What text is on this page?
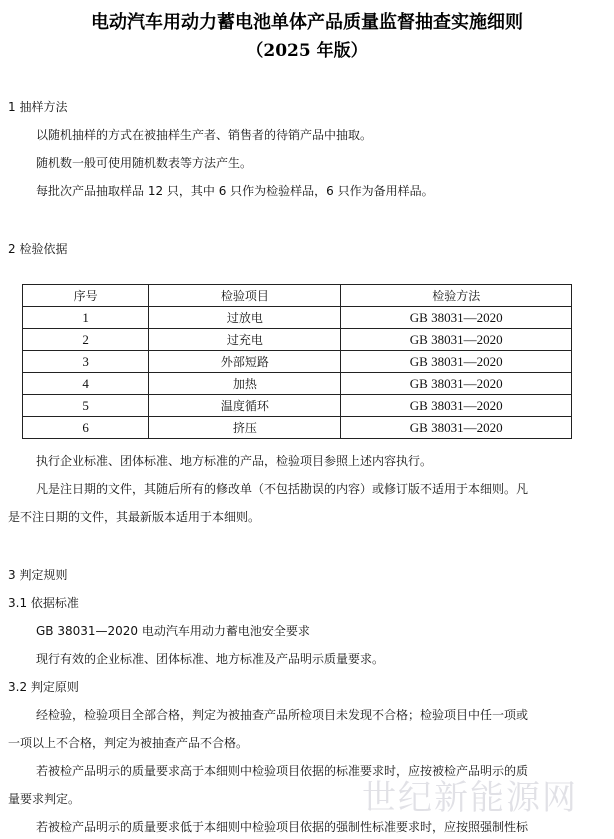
电动汽车用动力蓄电池单体产品质量监督抽查实施细则
（2025 年版）
1 抽样方法
以随机抽样的方式在被抽样生产者、销售者的待销产品中抽取。
随机数一般可使用随机数表等方法产生。
每批次产品抽取样品 12 只，其中 6 只作为检验样品，6 只作为备用样品。
2 检验依据
序号	检验项目	检验方法
1	过放电	GB 38031—2020
2	过充电	GB 38031—2020
3	外部短路	GB 38031—2020
4	加热	GB 38031—2020
5	温度循环	GB 38031—2020
6	挤压	GB 38031—2020
执行企业标准、团体标准、地方标准的产品，检验项目参照上述内容执行。
凡是注日期的文件，其随后所有的修改单（不包括勘误的内容）或修订版不适用于本细则。凡
是不注日期的文件，其最新版本适用于本细则。
3 判定规则
3.1 依据标准
GB 38031—2020 电动汽车用动力蓄电池安全要求
现行有效的企业标准、团体标准、地方标准及产品明示质量要求。
3.2 判定原则
经检验，检验项目全部合格，判定为被抽查产品所检项目未发现不合格；检验项目中任一项或
一项以上不合格，判定为被抽查产品不合格。
若被检产品明示的质量要求高于本细则中检验项目依据的标准要求时，应按被检产品明示的质
量要求判定。
若被检产品明示的质量要求低于本细则中检验项目依据的强制性标准要求时，应按照强制性标
世纪新能源网
